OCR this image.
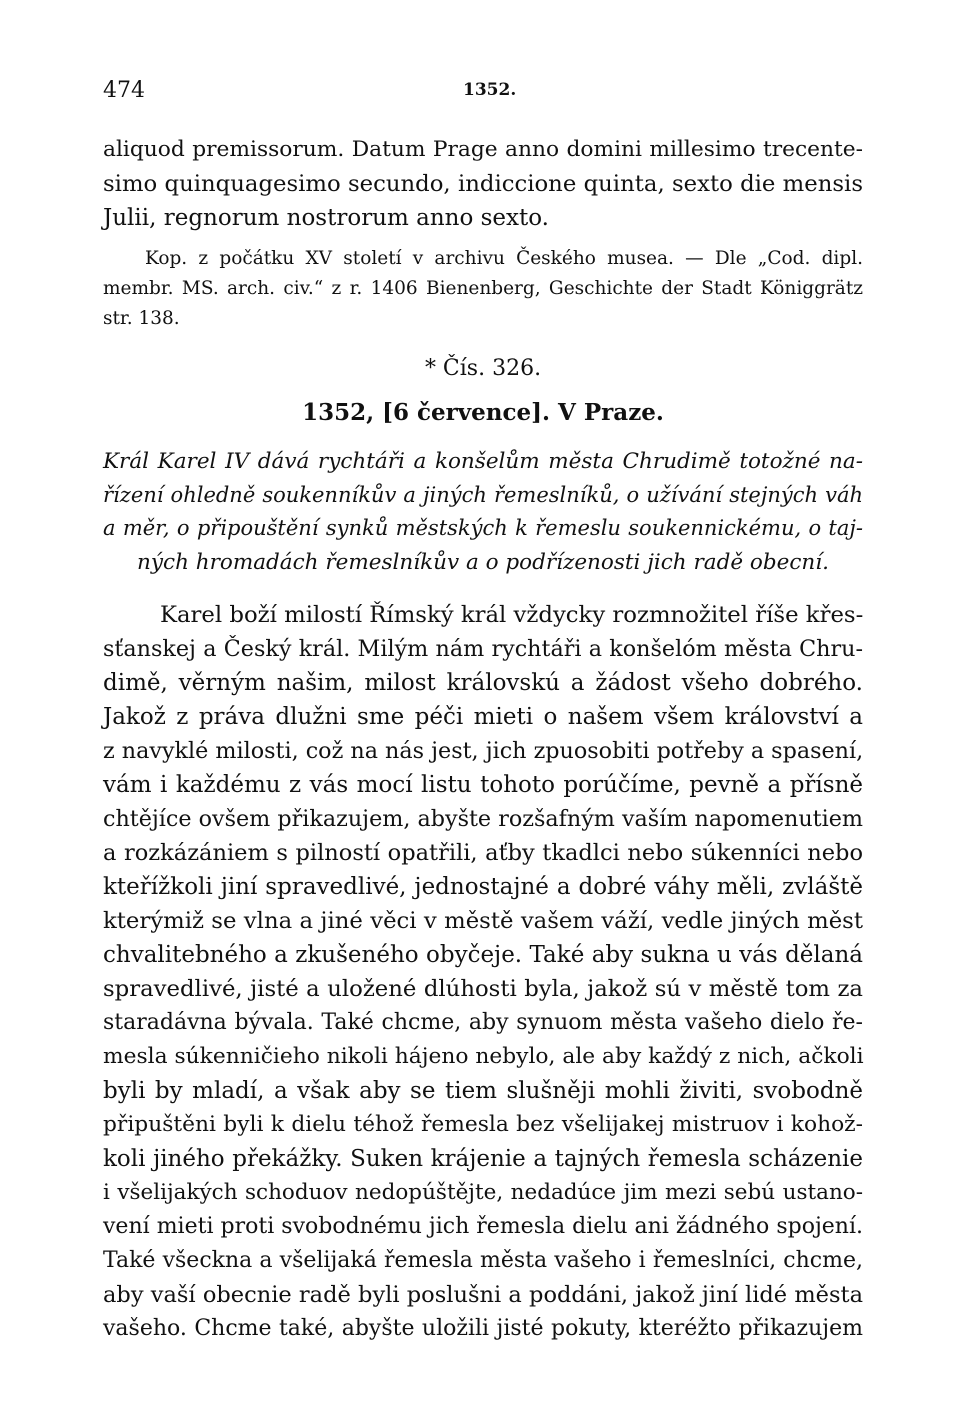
474	1352.
aliquod premissorum. Datum Prage anno domini millesimo trecente-
simo quinquagesimo secundo, indiccione quinta, sexto die mensis
Julii, regnorum nostrorum anno sexto.
Kop. z počátku XV století v archivu Českého musea. — Dle „Cod. dipl.
membr. MS. arch. civ.“ z r. 1406 Bienenberg, Geschichte der Stadt Königgrätz
str. 138.
* Čís. 326.
1352, [6 července]. V Praze.
Král Karel IV dává rychtáři a konšelům města Chrudimě totožné na-
řízení ohledně soukenníkův a jiných řemeslníků, o užívání stejných váh
a měr, o připouštění synků městských k řemeslu soukennickému, o taj-
ných hromadách řemeslníkův a o podřízenosti jich radě obecní.
Karel boží milostí Římský král vždycky rozmnožitel říše křes-
sťanskej a Český král. Milým nám rychtáři a konšelóm města Chru-
dimě, věrným našim, milost královskú a žádost všeho dobrého.
Jakož z práva dlužni sme péči mieti o našem všem království a
z navyklé milosti, což na nás jest, jich zpuosobiti potřeby a spasení,
vám i každému z vás mocí listu tohoto porúčíme, pevně a přísně
chtějíce ovšem přikazujem, abyšte rozšafným vaším napomenutiem
a rozkázániem s pilností opatřili, aťby tkadlci nebo súkenníci nebo
kteřížkoli jiní spravedlivé, jednostajné a dobré váhy měli, zvláště
kterýmiž se vlna a jiné věci v městě vašem váží, vedle jiných měst
chvalitebného a zkušeného obyčeje. Také aby sukna u vás dělaná
spravedlivé, jisté a uložené dlúhosti byla, jakož sú v městě tom za
staradávna bývala. Také chcme, aby synuom města vašeho dielo ře-
mesla súkenničieho nikoli hájeno nebylo, ale aby každý z nich, ačkoli
byli by mladí, a však aby se tiem slušněji mohli živiti, svobodně
připuštěni byli k dielu téhož řemesla bez všelijakej mistruov i kohož-
koli jiného překážky. Suken krájenie a tajných řemesla scházenie
i všelijakých schoduov nedopúštějte, nedadúce jim mezi sebú ustano-
vení mieti proti svobodnému jich řemesla dielu ani žádného spojení.
Také všeckna a všelijaká řemesla města vašeho i řemeslníci, chcme,
aby vaší obecnie radě byli poslušni a poddáni, jakož jiní lidé města
vašeho. Chcme také, abyšte uložili jisté pokuty, kteréžto přikazujem
